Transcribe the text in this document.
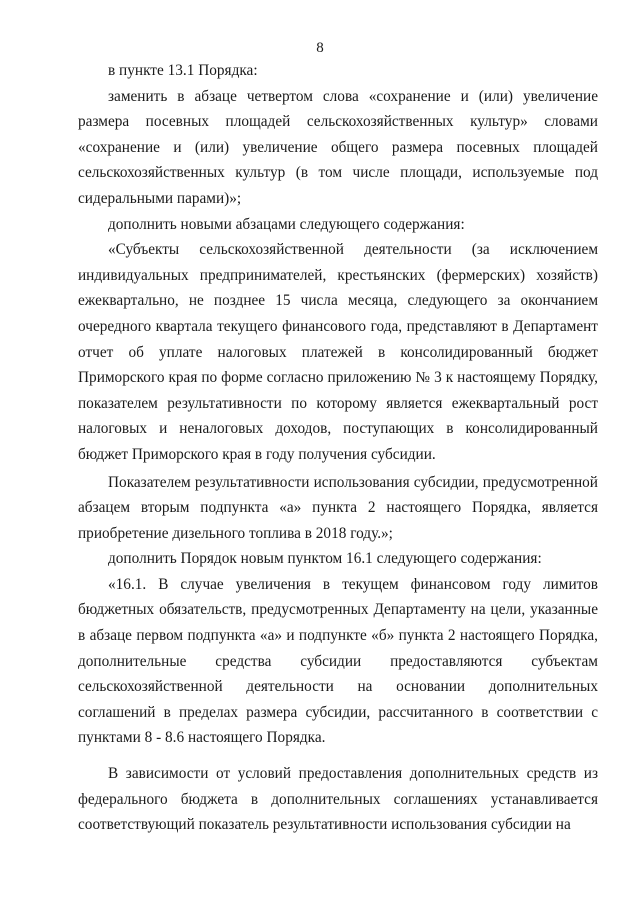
8

в пункте 13.1 Порядка:

заменить в абзаце четвертом слова «сохранение и (или) увеличение размера посевных площадей сельскохозяйственных культур» словами «сохранение и (или) увеличение общего размера посевных площадей сельскохозяйственных культур (в том числе площади, используемые под сидеральными парами)»;

дополнить новыми абзацами следующего содержания:

«Субъекты сельскохозяйственной деятельности (за исключением индивидуальных предпринимателей, крестьянских (фермерских) хозяйств) ежеквартально, не позднее 15 числа месяца, следующего за окончанием очередного квартала текущего финансового года, представляют в Департамент отчет об уплате налоговых платежей в консолидированный бюджет Приморского края по форме согласно приложению № 3 к настоящему Порядку, показателем результативности по которому является ежеквартальный рост налоговых и неналоговых доходов, поступающих в консолидированный бюджет Приморского края в году получения субсидии.

Показателем результативности использования субсидии, предусмотренной абзацем вторым подпункта «а» пункта 2 настоящего Порядка, является приобретение дизельного топлива в 2018 году.»;

дополнить Порядок новым пунктом 16.1 следующего содержания:

«16.1. В случае увеличения в текущем финансовом году лимитов бюджетных обязательств, предусмотренных Департаменту на цели, указанные в абзаце первом подпункта «а» и подпункте «б» пункта 2 настоящего Порядка, дополнительные средства субсидии предоставляются субъектам сельскохозяйственной деятельности на основании дополнительных соглашений в пределах размера субсидии, рассчитанного в соответствии с пунктами 8 - 8.6 настоящего Порядка.

В зависимости от условий предоставления дополнительных средств из федерального бюджета в дополнительных соглашениях устанавливается соответствующий показатель результативности использования субсидии на
